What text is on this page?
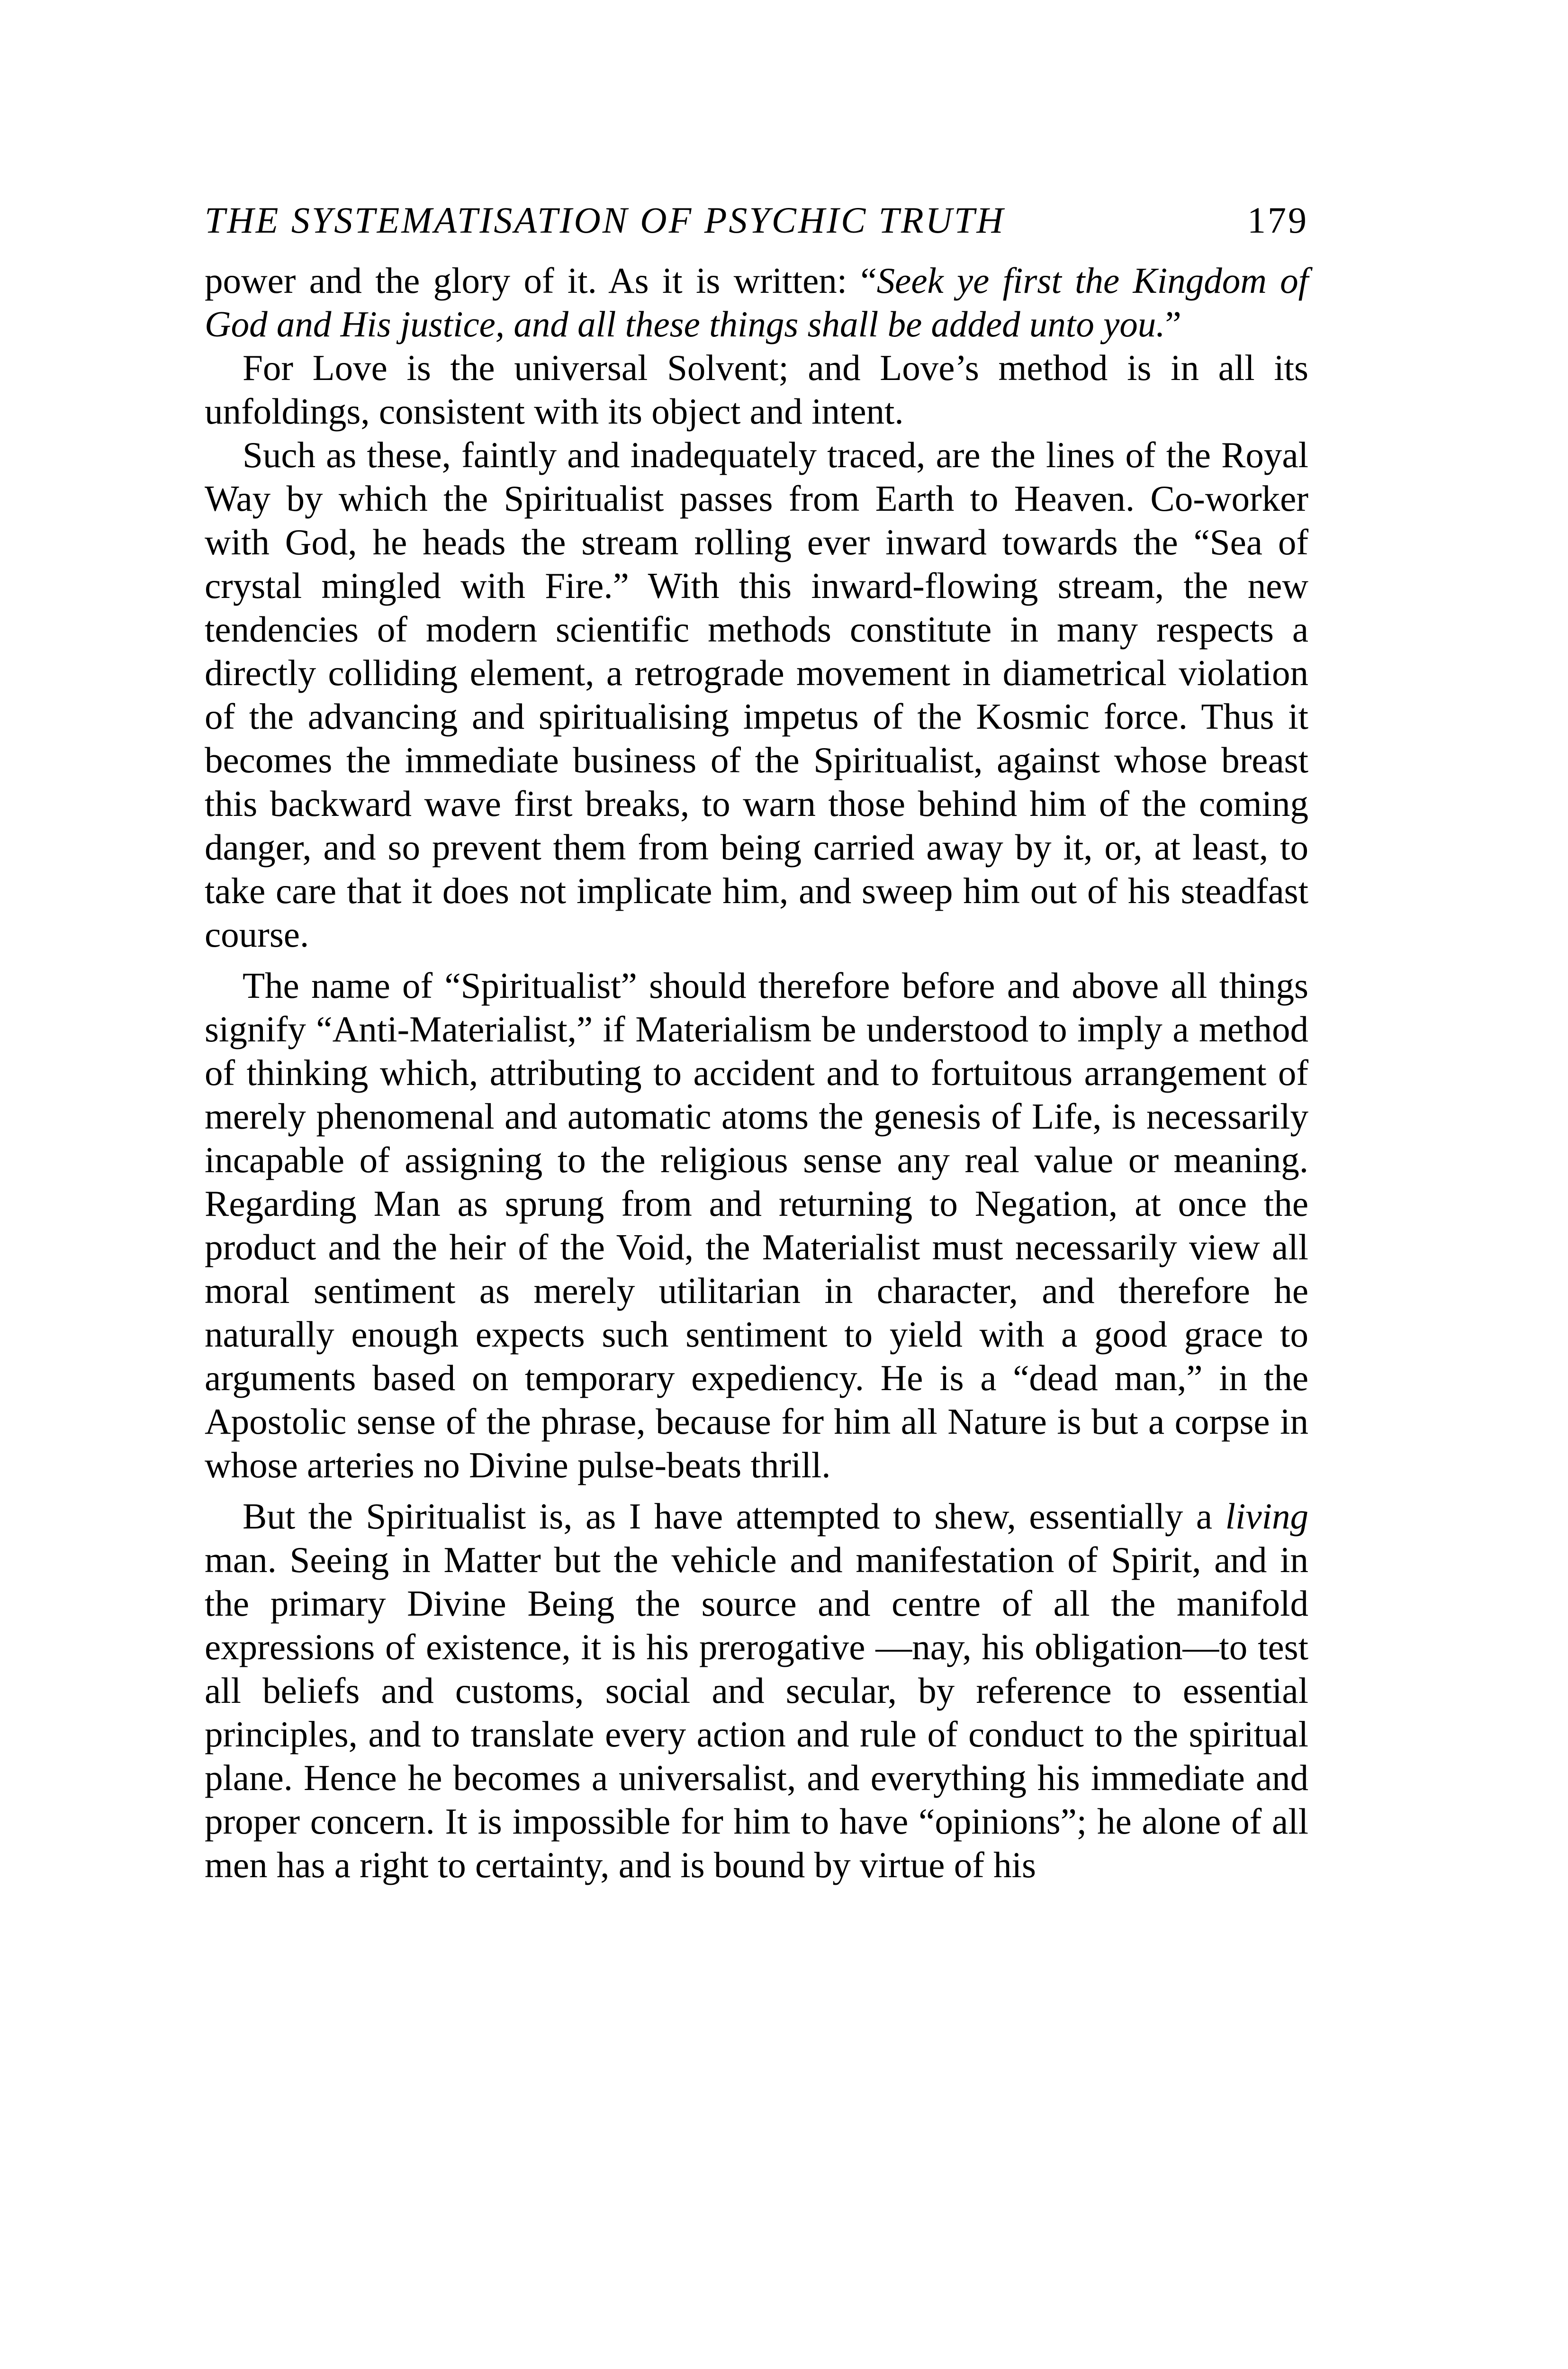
THE SYSTEMATISATION OF PSYCHIC TRUTH	179

power and the glory of it. As it is written: “Seek ye first the Kingdom of God and His justice, and all these things shall be added unto you.”

For Love is the universal Solvent; and Love’s method is in all its unfoldings, consistent with its object and intent.

Such as these, faintly and inadequately traced, are the lines of the Royal Way by which the Spiritualist passes from Earth to Heaven. Co-worker with God, he heads the stream rolling ever inward towards the “Sea of crystal mingled with Fire.” With this inward-flowing stream, the new tendencies of modern scientific methods constitute in many respects a directly colliding element, a retrograde movement in diametrical violation of the advancing and spiritualising impetus of the Kosmic force. Thus it becomes the immediate business of the Spiritualist, against whose breast this backward wave first breaks, to warn those behind him of the coming danger, and so prevent them from being carried away by it, or, at least, to take care that it does not implicate him, and sweep him out of his steadfast course.

The name of “Spiritualist” should therefore before and above all things signify “Anti-Materialist,” if Materialism be understood to imply a method of thinking which, attributing to accident and to fortuitous arrangement of merely phenomenal and automatic atoms the genesis of Life, is necessarily incapable of assigning to the religious sense any real value or meaning. Regarding Man as sprung from and returning to Negation, at once the product and the heir of the Void, the Materialist must necessarily view all moral sentiment as merely utilitarian in character, and therefore he naturally enough expects such sentiment to yield with a good grace to arguments based on temporary expediency. He is a “dead man,” in the Apostolic sense of the phrase, because for him all Nature is but a corpse in whose arteries no Divine pulse-beats thrill.

But the Spiritualist is, as I have attempted to shew, essentially a living man. Seeing in Matter but the vehicle and manifestation of Spirit, and in the primary Divine Being the source and centre of all the manifold expressions of existence, it is his prerogative —nay, his obligation—to test all beliefs and customs, social and secular, by reference to essential principles, and to translate every action and rule of conduct to the spiritual plane. Hence he becomes a universalist, and everything his immediate and proper concern. It is impossible for him to have “opinions”; he alone of all men has a right to certainty, and is bound by virtue of his
